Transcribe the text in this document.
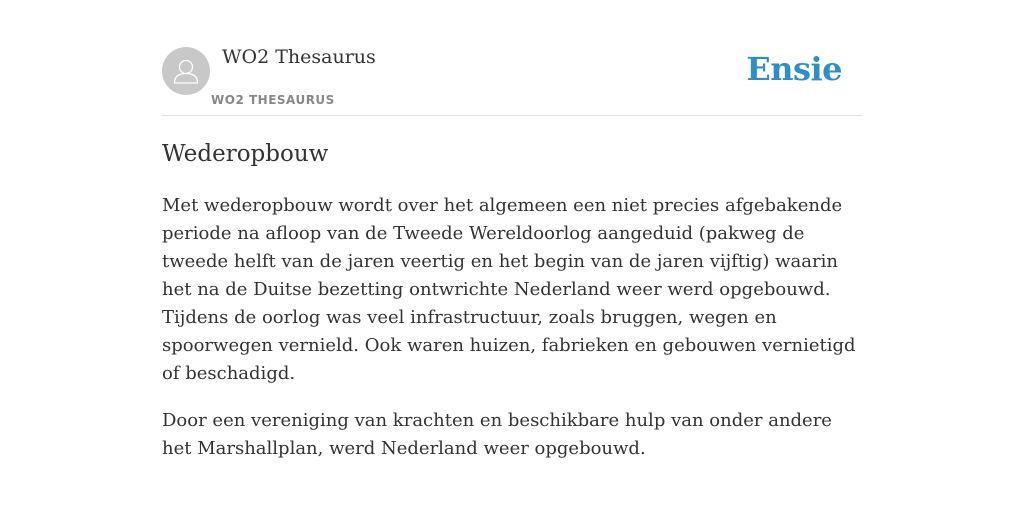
WO2 Thesaurus
WO2 THESAURUS
Ensie
Wederopbouw

Met wederopbouw wordt over het algemeen een niet precies afgebakende periode na afloop van de Tweede Wereldoorlog aangeduid (pakweg de tweede helft van de jaren veertig en het begin van de jaren vijftig) waarin het na de Duitse bezetting ontwrichte Nederland weer werd opgebouwd. Tijdens de oorlog was veel infrastructuur, zoals bruggen, wegen en spoorwegen vernield. Ook waren huizen, fabrieken en gebouwen vernietigd of beschadigd.

Door een vereniging van krachten en beschikbare hulp van onder andere het Marshallplan, werd Nederland weer opgebouwd.
